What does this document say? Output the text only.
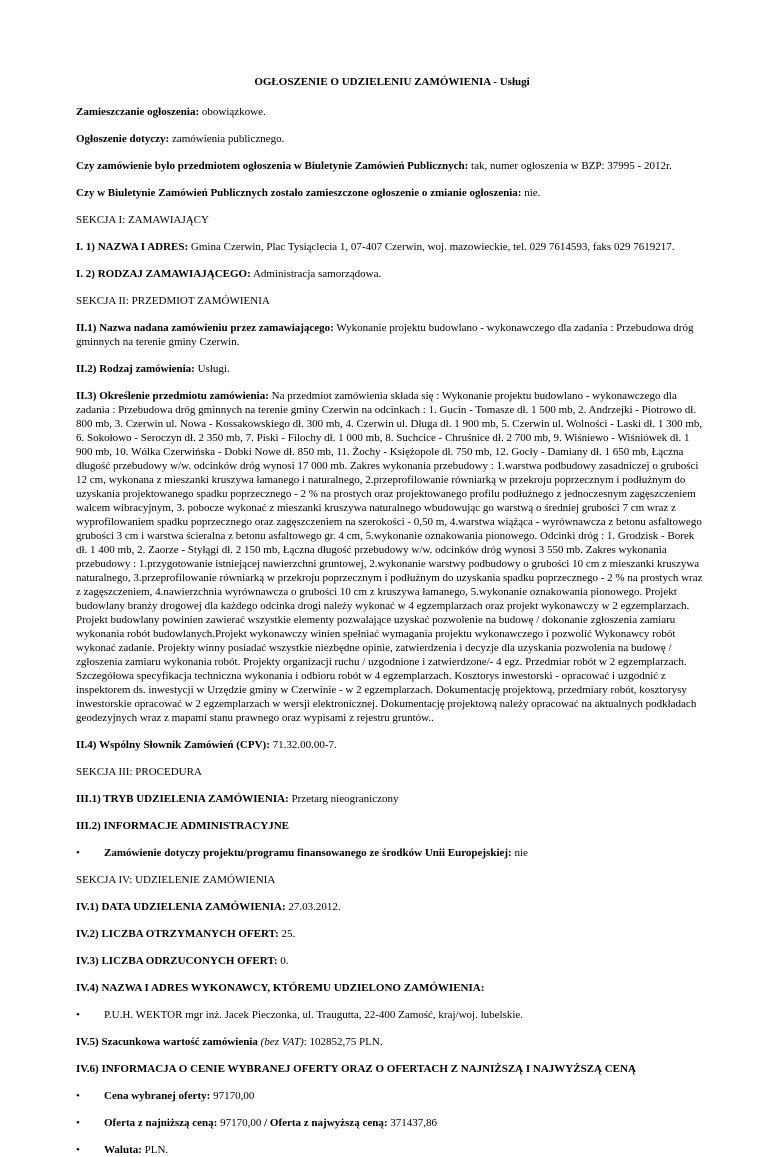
OGŁOSZENIE O UDZIELENIU ZAMÓWIENIA - Usługi

Zamieszczanie ogłoszenia: obowiązkowe.

Ogłoszenie dotyczy: zamówienia publicznego.

Czy zamówienie było przedmiotem ogłoszenia w Biuletynie Zamówień Publicznych: tak, numer ogłoszenia w BZP: 37995 - 2012r.

Czy w Biuletynie Zamówień Publicznych zostało zamieszczone ogłoszenie o zmianie ogłoszenia: nie.

SEKCJA I: ZAMAWIAJĄCY

I. 1) NAZWA I ADRES: Gmina Czerwin, Plac Tysiąclecia 1, 07-407 Czerwin, woj. mazowieckie, tel. 029 7614593, faks 029 7619217.

I. 2) RODZAJ ZAMAWIAJĄCEGO: Administracja samorządowa.

SEKCJA II: PRZEDMIOT ZAMÓWIENIA

II.1) Nazwa nadana zamówieniu przez zamawiającego: Wykonanie projektu budowlano - wykonawczego dla zadania : Przebudowa dróg gminnych na terenie gminy Czerwin.

II.2) Rodzaj zamówienia: Usługi.

II.3) Określenie przedmiotu zamówienia: Na przedmiot zamówienia składa się : Wykonanie projektu budowlano - wykonawczego dla zadania : Przebudowa dróg gminnych na terenie gminy Czerwin na odcinkach : 1. Gucin - Tomasze dł. 1 500 mb, 2. Andrzejki - Piotrowo dł. 800 mb, 3. Czerwin ul. Nowa - Kossakowskiego dł. 300 mb, 4. Czerwin ul. Długa dł. 1 900 mb, 5. Czerwin ul. Wolności - Laski dł. 1 300 mb, 6. Sokołowo - Seroczyn dł. 2 350 mb, 7. Piski - Filochy dł. 1 000 mb, 8. Suchcice - Chruśnice dł. 2 700 mb, 9. Wiśniewo - Wiśniówek dł. 1 900 mb, 10. Wólka Czerwińska - Dobki Nowe dł. 850 mb, 11. Żochy - Księżopole dł. 750 mb, 12. Gocły - Damiany dł. 1 650 mb, Łączna długość przebudowy w/w. odcinków dróg wynosi 17 000 mb. Zakres wykonania przebudowy : 1.warstwa podbudowy zasadniczej o grubości 12 cm, wykonana z mieszanki kruszywa łamanego i naturalnego, 2.przeprofilowanie równiarką w przekroju poprzecznym i podłużnym do uzyskania projektowanego spadku poprzecznego - 2 % na prostych oraz projektowanego profilu podłużnego z jednoczesnym zagęszczeniem walcem wibracyjnym, 3. pobocze wykonać z mieszanki kruszywa naturalnego wbudowując go warstwą o średniej grubości 7 cm wraz z wyprofilowaniem spadku poprzecznego oraz zagęszczeniem na szerokości - 0,50 m, 4.warstwa wiążąca - wyrównawcza z betonu asfaltowego grubości 3 cm i warstwa ścieralna z betonu asfaltowego gr. 4 cm, 5.wykonanie oznakowania pionowego. Odcinki dróg : 1. Grodzisk - Borek dł. 1 400 mb, 2. Zaorze - Styłągi dł. 2 150 mb, Łączna długość przebudowy w/w. odcinków dróg wynosi 3 550 mb. Zakres wykonania przebudowy : 1.przygotowanie istniejącej nawierzchni gruntowej, 2.wykonanie warstwy podbudowy o grubości 10 cm z mieszanki kruszywa naturalnego, 3.przeprofilowanie równiarką w przekroju poprzecznym i podłużnym do uzyskania spadku poprzecznego - 2 % na prostych wraz z zagęszczeniem, 4.nawierzchnia wyrównawcza o grubości 10 cm z kruszywa łamanego, 5.wykonanie oznakowania pionowego. Projekt budowlany branży drogowej dla każdego odcinka drogi należy wykonać w 4 egzemplarzach oraz projekt wykonawczy w 2 egzemplarzach. Projekt budowlany powinien zawierać wszystkie elementy pozwalające uzyskać pozwolenie na budowę / dokonanie zgłoszenia zamiaru wykonania robót budowlanych.Projekt wykonawczy winien spełniać wymagania projektu wykonawczego i pozwolić Wykonawcy robót wykonać zadanie. Projekty winny posiadać wszystkie niezbędne opinie, zatwierdzenia i decyzje dla uzyskania pozwolenia na budowę / zgłoszenia zamiaru wykonania robót. Projekty organizacji ruchu / uzgodnione i zatwierdzone/- 4 egz. Przedmiar robót w 2 egzemplarzach. Szczegółowa specyfikacja techniczna wykonania i odbioru robót w 4 egzemplarzach. Kosztorys inwestorski - opracować i uzgodnić z inspektorem ds. inwestycji w Urzędzie gminy w Czerwinie - w 2 egzemplarzach. Dokumentację projektową, przedmiary robót, kosztorysy inwestorskie opracować w 2 egzemplarzach w wersji elektronicznej. Dokumentację projektową należy opracować na aktualnych podkładach geodezyjnych wraz z mapami stanu prawnego oraz wypisami z rejestru gruntów..

II.4) Wspólny Słownik Zamówień (CPV): 71.32.00.00-7.

SEKCJA III: PROCEDURA

III.1) TRYB UDZIELENIA ZAMÓWIENIA: Przetarg nieograniczony

III.2) INFORMACJE ADMINISTRACYJNE

• Zamówienie dotyczy projektu/programu finansowanego ze środków Unii Europejskiej: nie

SEKCJA IV: UDZIELENIE ZAMÓWIENIA

IV.1) DATA UDZIELENIA ZAMÓWIENIA: 27.03.2012.

IV.2) LICZBA OTRZYMANYCH OFERT: 25.

IV.3) LICZBA ODRZUCONYCH OFERT: 0.

IV.4) NAZWA I ADRES WYKONAWCY, KTÓREMU UDZIELONO ZAMÓWIENIA:

• P.U.H. WEKTOR mgr inż. Jacek Pieczonka, ul. Traugutta, 22-400 Zamość, kraj/woj. lubelskie.

IV.5) Szacunkowa wartość zamówienia (bez VAT): 102852,75 PLN.

IV.6) INFORMACJA O CENIE WYBRANEJ OFERTY ORAZ O OFERTACH Z NAJNIŻSZĄ I NAJWYŻSZĄ CENĄ

• Cena wybranej oferty: 97170,00
• Oferta z najniższą ceną: 97170,00 / Oferta z najwyższą ceną: 371437,86
• Waluta: PLN.
